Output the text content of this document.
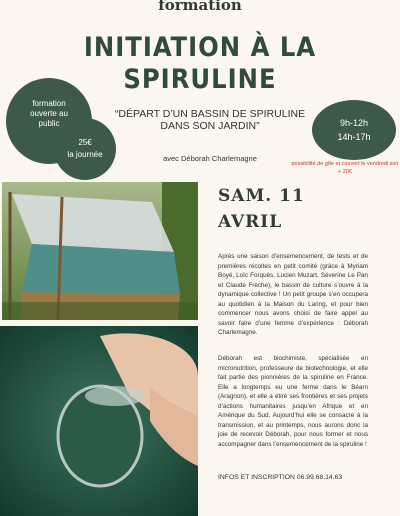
formation
INITIATION À LA
SPIRULINE
formation
ouverte au
public
25€
la journée
“DÉPART D’UN BASSIN DE SPIRULINE DANS SON JARDIN”
avec Déborah Charlemagne
9h-12h
14h-17h
possibilité de gîte et couvert le vendredi soir + 20€
SAM. 11
AVRIL
Après une saison d’ensemencement, de tests et de premières récoltes en petit comité (grâce à Myriam Boyé, Loïc Forquès, Lucien Muzart, Séverine Le Pan et Claude Frèche), le bassin de culture s’ouvre à la dynamique collective ! Un petit groupe s’en occupera au quotidien à la Maison du Laring, et pour bien commencer nous avons choisi de faire appel au savoir faire d’une femme d’expérience : Déborah Charlemagne.
Déborah est biochimiste, spécialisée en micronutrition, professeure de biotechnologie, et elle fait partie des pionnières de la spiruline en France. Elle a longtemps eu une ferme dans le Béarn (Aragnon), et elle a étiré ses frontières et ses projets d’actions humanitaires jusqu’en Afrique et en Amérique du Sud. Aujourd’hui elle se consacre à la transmission, et au printemps, nous aurons donc la joie de recevoir Déborah, pour nous former et nous accompagner dans l’ensemencement de la spiruline !
INFOS ET INSCRIPTION 06.99.68.14.63
